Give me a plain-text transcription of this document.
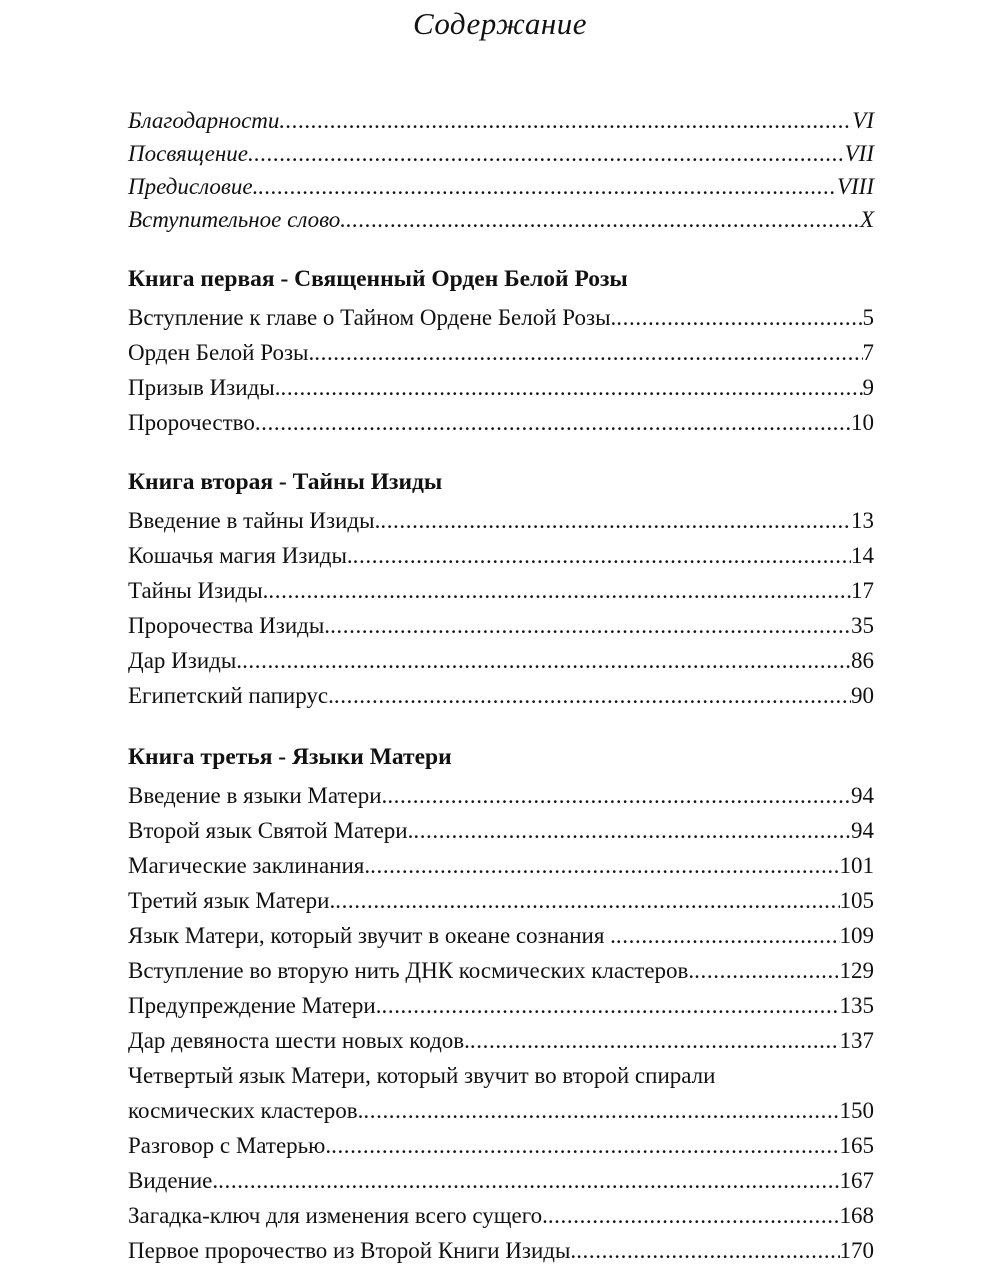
Содержание
Благодарности .....	VI
Посвящение .....	VII
Предисловие. .....	VIII
Вступительное слово. .....	X
Книга первая - Священный Орден Белой Розы
Вступление к главе о Тайном Ордене Белой Розы. .....	5
Орден Белой Розы. .....	7
Призыв Изиды. .....	9
Пророчество .....	10
Книга вторая - Тайны Изиды
Введение в тайны Изиды. .....	13
Кошачья магия Изиды. .....	14
Тайны Изиды. .....	17
Пророчества Изиды. .....	35
Дар Изиды. .....	86
Египетский папирус. .....	90
Книга третья - Языки Матери
Введение в языки Матери. .....	94
Второй язык Святой Матери. .....	94
Магические заклинания. .....	101
Третий язык Матери. .....	105
Язык Матери, который звучит в океане сознания . .....	109
Вступление во вторую нить ДНК космических кластеров. .....	129
Предупреждение Матери. .....	135
Дар девяноста шести новых кодов. .....	137
Четвертый язык Матери, который звучит во второй спирали
космических кластеров. .....	150
Разговор с Матерью. .....	165
Видение. .....	167
Загадка-ключ для изменения всего сущего. .....	168
Первое пророчество из Второй Книги Изиды. .....	170
